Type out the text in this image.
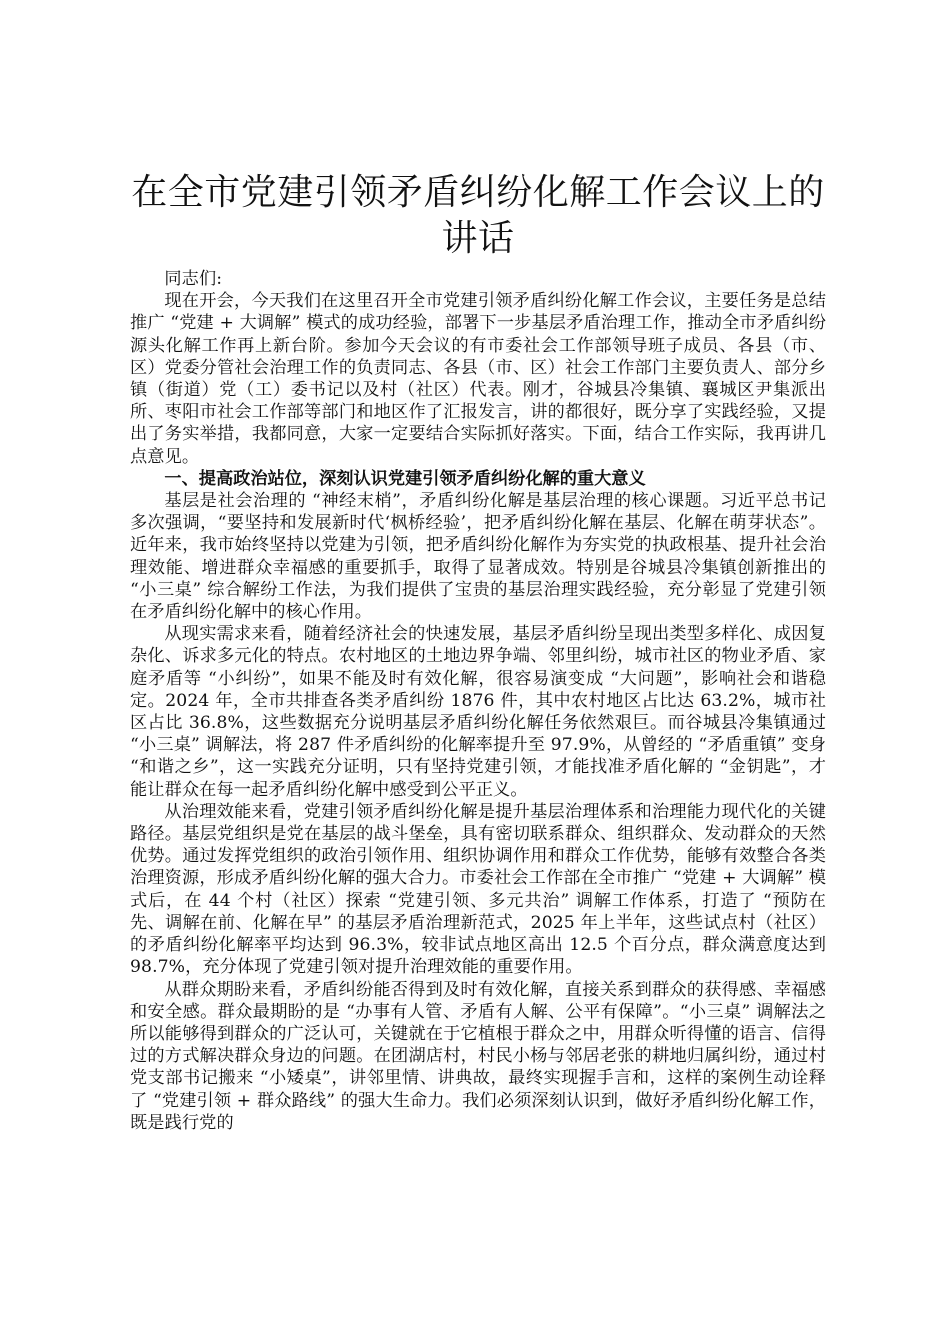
在全市党建引领矛盾纠纷化解工作会议上的讲话

同志们:

现在开会，今天我们在这里召开全市党建引领矛盾纠纷化解工作会议，主要任务是总结推广 “党建 + 大调解” 模式的成功经验，部署下一步基层矛盾治理工作，推动全市矛盾纠纷源头化解工作再上新台阶。参加今天会议的有市委社会工作部领导班子成员、各县（市、区）党委分管社会治理工作的负责同志、各县（市、区）社会工作部门主要负责人、部分乡镇（街道）党（工）委书记以及村（社区）代表。刚才，谷城县冷集镇、襄城区尹集派出所、枣阳市社会工作部等部门和地区作了汇报发言，讲的都很好，既分享了实践经验，又提出了务实举措，我都同意，大家一定要结合实际抓好落实。下面，结合工作实际，我再讲几点意见。

一、提高政治站位，深刻认识党建引领矛盾纠纷化解的重大意义

基层是社会治理的 “神经末梢”，矛盾纠纷化解是基层治理的核心课题。习近平总书记多次强调，“要坚持和发展新时代‘枫桥经验’，把矛盾纠纷化解在基层、化解在萌芽状态”。近年来，我市始终坚持以党建为引领，把矛盾纠纷化解作为夯实党的执政根基、提升社会治理效能、增进群众幸福感的重要抓手，取得了显著成效。特别是谷城县冷集镇创新推出的 “小三桌” 综合解纷工作法，为我们提供了宝贵的基层治理实践经验，充分彰显了党建引领在矛盾纠纷化解中的核心作用。

从现实需求来看，随着经济社会的快速发展，基层矛盾纠纷呈现出类型多样化、成因复杂化、诉求多元化的特点。农村地区的土地边界争端、邻里纠纷，城市社区的物业矛盾、家庭矛盾等 “小纠纷”，如果不能及时有效化解，很容易演变成 “大问题”，影响社会和谐稳定。2024 年，全市共排查各类矛盾纠纷 1876 件，其中农村地区占比达 63.2%，城市社区占比 36.8%，这些数据充分说明基层矛盾纠纷化解任务依然艰巨。而谷城县冷集镇通过 “小三桌” 调解法，将 287 件矛盾纠纷的化解率提升至 97.9%，从曾经的 “矛盾重镇” 变身 “和谐之乡”，这一实践充分证明，只有坚持党建引领，才能找准矛盾化解的 “金钥匙”，才能让群众在每一起矛盾纠纷化解中感受到公平正义。

从治理效能来看，党建引领矛盾纠纷化解是提升基层治理体系和治理能力现代化的关键路径。基层党组织是党在基层的战斗堡垒，具有密切联系群众、组织群众、发动群众的天然优势。通过发挥党组织的政治引领作用、组织协调作用和群众工作优势，能够有效整合各类治理资源，形成矛盾纠纷化解的强大合力。市委社会工作部在全市推广 “党建 + 大调解” 模式后，在 44 个村（社区）探索 “党建引领、多元共治” 调解工作体系，打造了 “预防在先、调解在前、化解在早” 的基层矛盾治理新范式，2025 年上半年，这些试点村（社区）的矛盾纠纷化解率平均达到 96.3%，较非试点地区高出 12.5 个百分点，群众满意度达到 98.7%，充分体现了党建引领对提升治理效能的重要作用。

从群众期盼来看，矛盾纠纷能否得到及时有效化解，直接关系到群众的获得感、幸福感和安全感。群众最期盼的是 “办事有人管、矛盾有人解、公平有保障”。“小三桌” 调解法之所以能够得到群众的广泛认可，关键就在于它植根于群众之中，用群众听得懂的语言、信得过的方式解决群众身边的问题。在团湖店村，村民小杨与邻居老张的耕地归属纠纷，通过村党支部书记搬来 “小矮桌”，讲邻里情、讲典故，最终实现握手言和，这样的案例生动诠释了 “党建引领 + 群众路线” 的强大生命力。我们必须深刻认识到，做好矛盾纠纷化解工作，既是践行党的
